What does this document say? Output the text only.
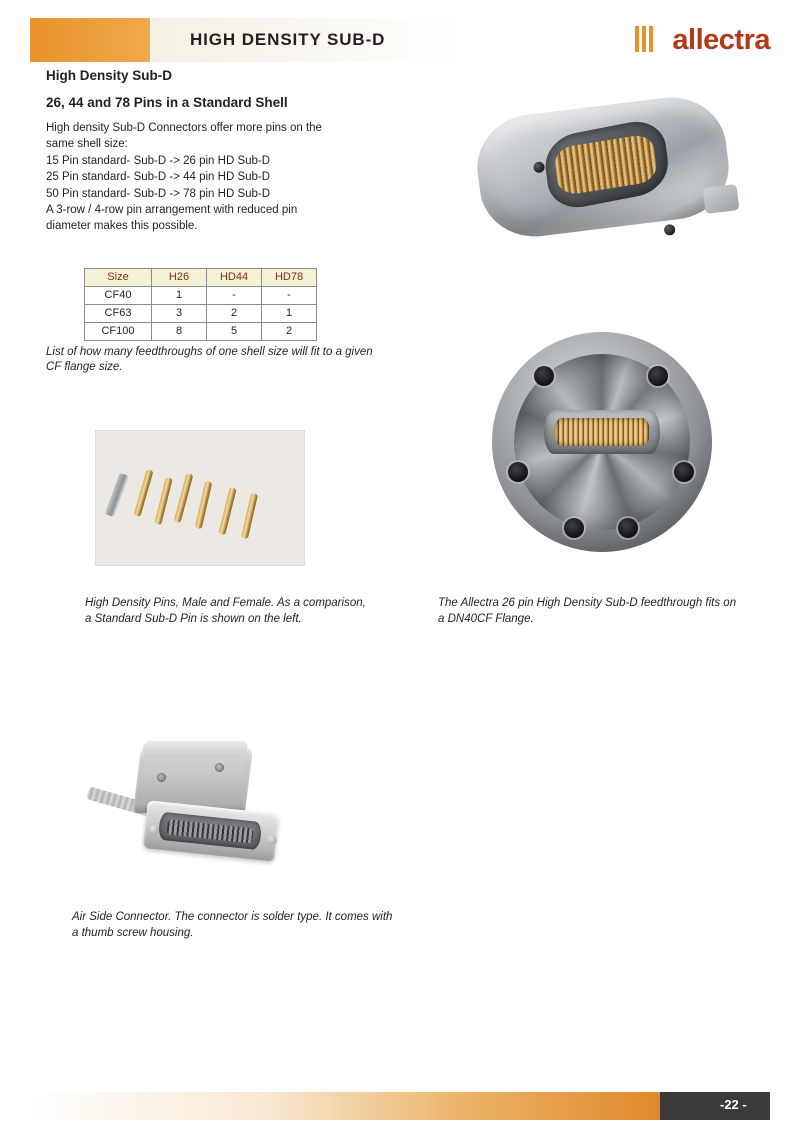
HIGH DENSITY SUB-D	allectra
High Density Sub-D
26, 44 and 78 Pins in a Standard Shell

High density Sub-D Connectors offer more pins on the

same shell size:

15 Pin standard- Sub-D -> 26 pin HD Sub-D

25 Pin standard- Sub-D -> 44 pin HD Sub-D

50 Pin standard- Sub-D -> 78 pin HD Sub-D

A 3-row / 4-row pin arrangement with reduced pin

diameter makes this possible.

Size	H26	HD44	HD78
CF40	1	-	-
CF63	3	2	1
CF100	8	5	2
List of how many feedthroughs of one shell size will fit to a given CF flange size.
High Density Pins, Male and Female. As a comparison, a Standard Sub-D Pin is shown on the left.
The Allectra 26 pin High Density Sub-D feedthrough fits on a DN40CF Flange.
Air Side Connector. The connector is solder type. It comes with a thumb screw housing.
-22 -
